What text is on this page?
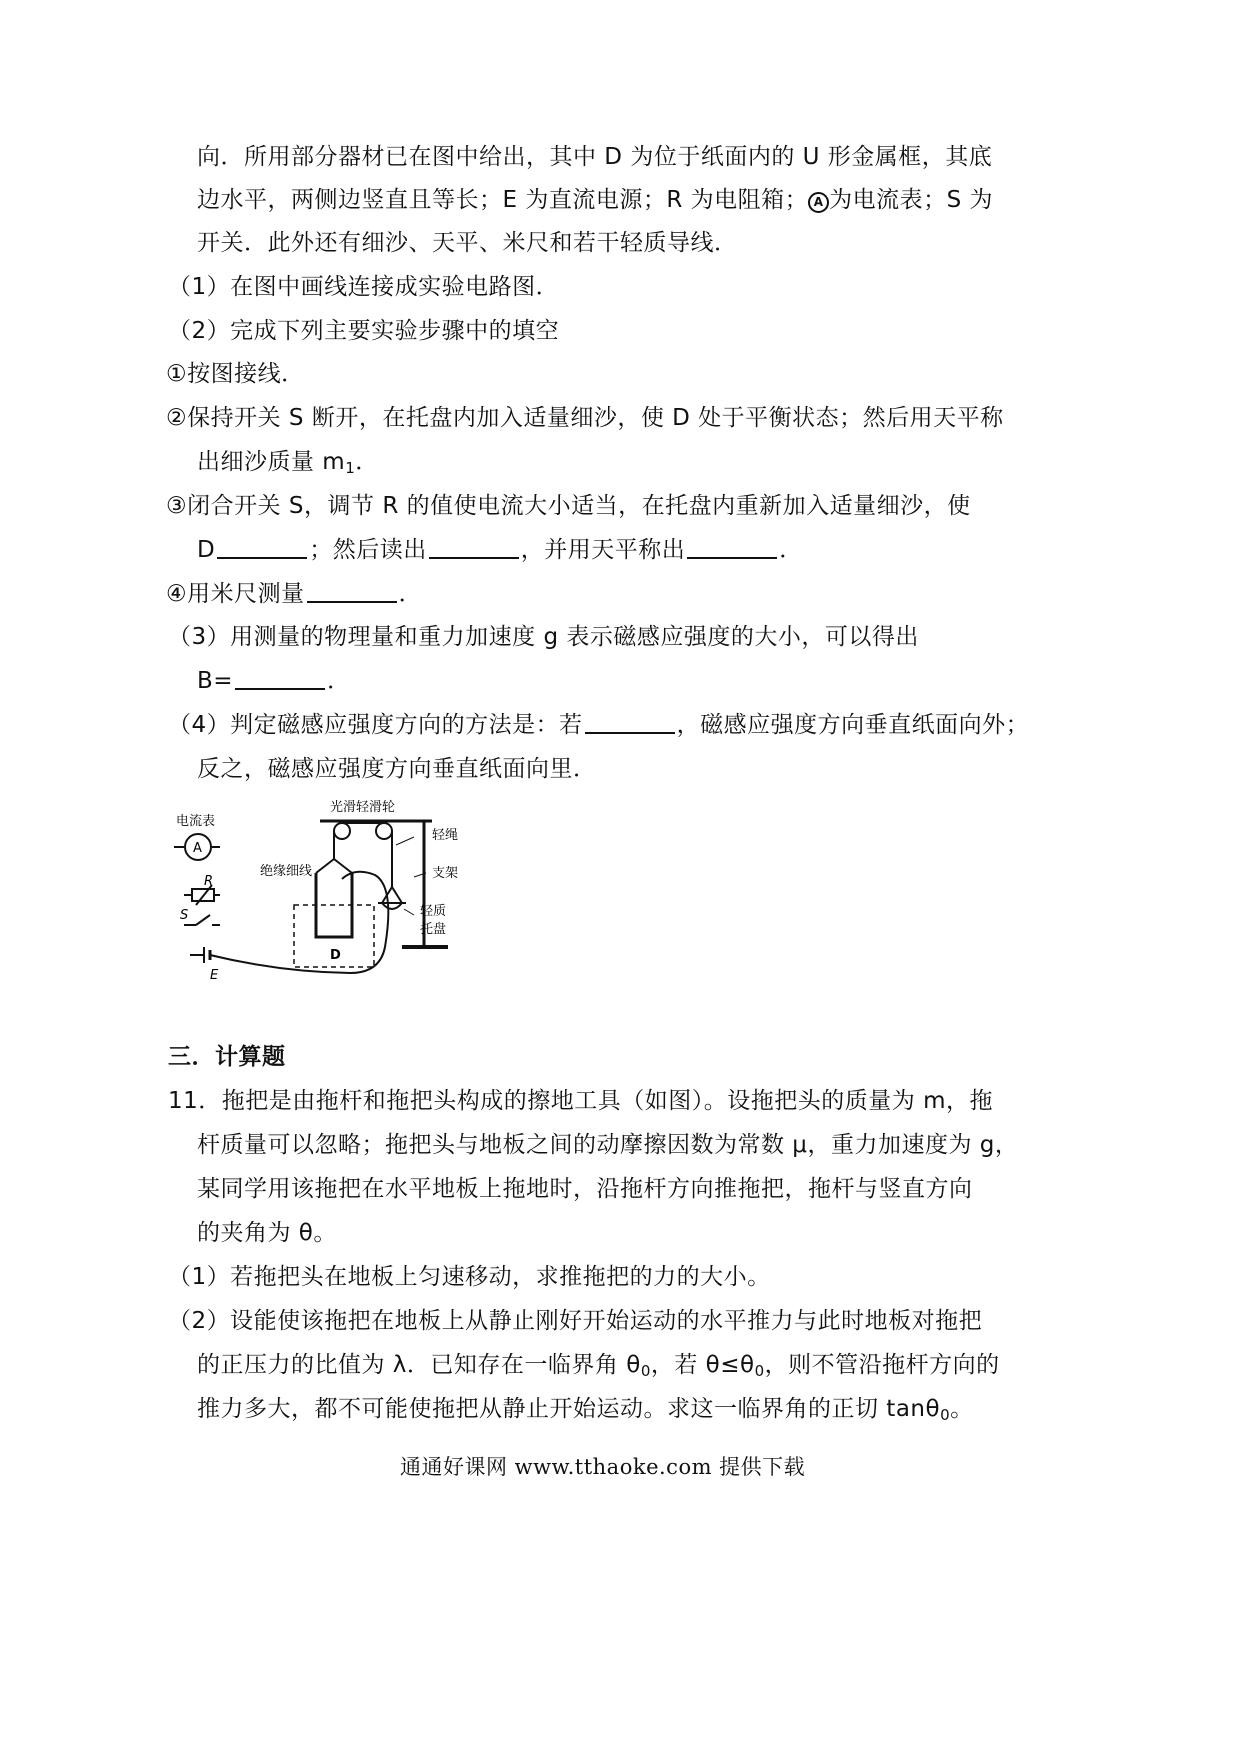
向．所用部分器材已在图中给出，其中 D 为位于纸面内的 U 形金属框，其底
边水平，两侧边竖直且等长；E 为直流电源；R 为电阻箱； A 为电流表；S 为
开关．此外还有细沙、天平、米尺和若干轻质导线．
（1）在图中画线连接成实验电路图．
（2）完成下列主要实验步骤中的填空
①按图接线．
②保持开关 S 断开，在托盘内加入适量细沙，使 D 处于平衡状态；然后用天平称
出细沙质量 $m_1$．
③闭合开关 S，调节 R 的值使电流大小适当，在托盘内重新加入适量细沙，使
D	；然后读出	，并用天平称出	．
④用米尺测量	．
（3）用测量的物理量和重力加速度 g 表示磁感应强度的大小，可以得出
B=	．
（4）判定磁感应强度方向的方法是：若	，磁感应强度方向垂直纸面向外；
反之，磁感应强度方向垂直纸面向里．
电流表
A
R
S
E
光滑轻滑轮
轻绳
支架
绝缘细线
D
轻质
托盘
三．计算题
11．拖把是由拖杆和拖把头构成的擦地工具（如图）。设拖把头的质量为 m，拖
杆质量可以忽略；拖把头与地板之间的动摩擦因数为常数 μ，重力加速度为 g，
某同学用该拖把在水平地板上拖地时，沿拖杆方向推拖把，拖杆与竖直方向
的夹角为 θ。
（1）若拖把头在地板上匀速移动，求推拖把的力的大小。
（2）设能使该拖把在地板上从静止刚好开始运动的水平推力与此时地板对拖把
的正压力的比值为 λ．已知存在一临界角 $\theta_0$，若 $\theta\le\theta_0$，则不管沿拖杆方向的
推力多大，都不可能使拖把从静止开始运动。求这一临界角的正切 tanθ$_0$。
通通好课网 www.tthaoke.com 提供下载
